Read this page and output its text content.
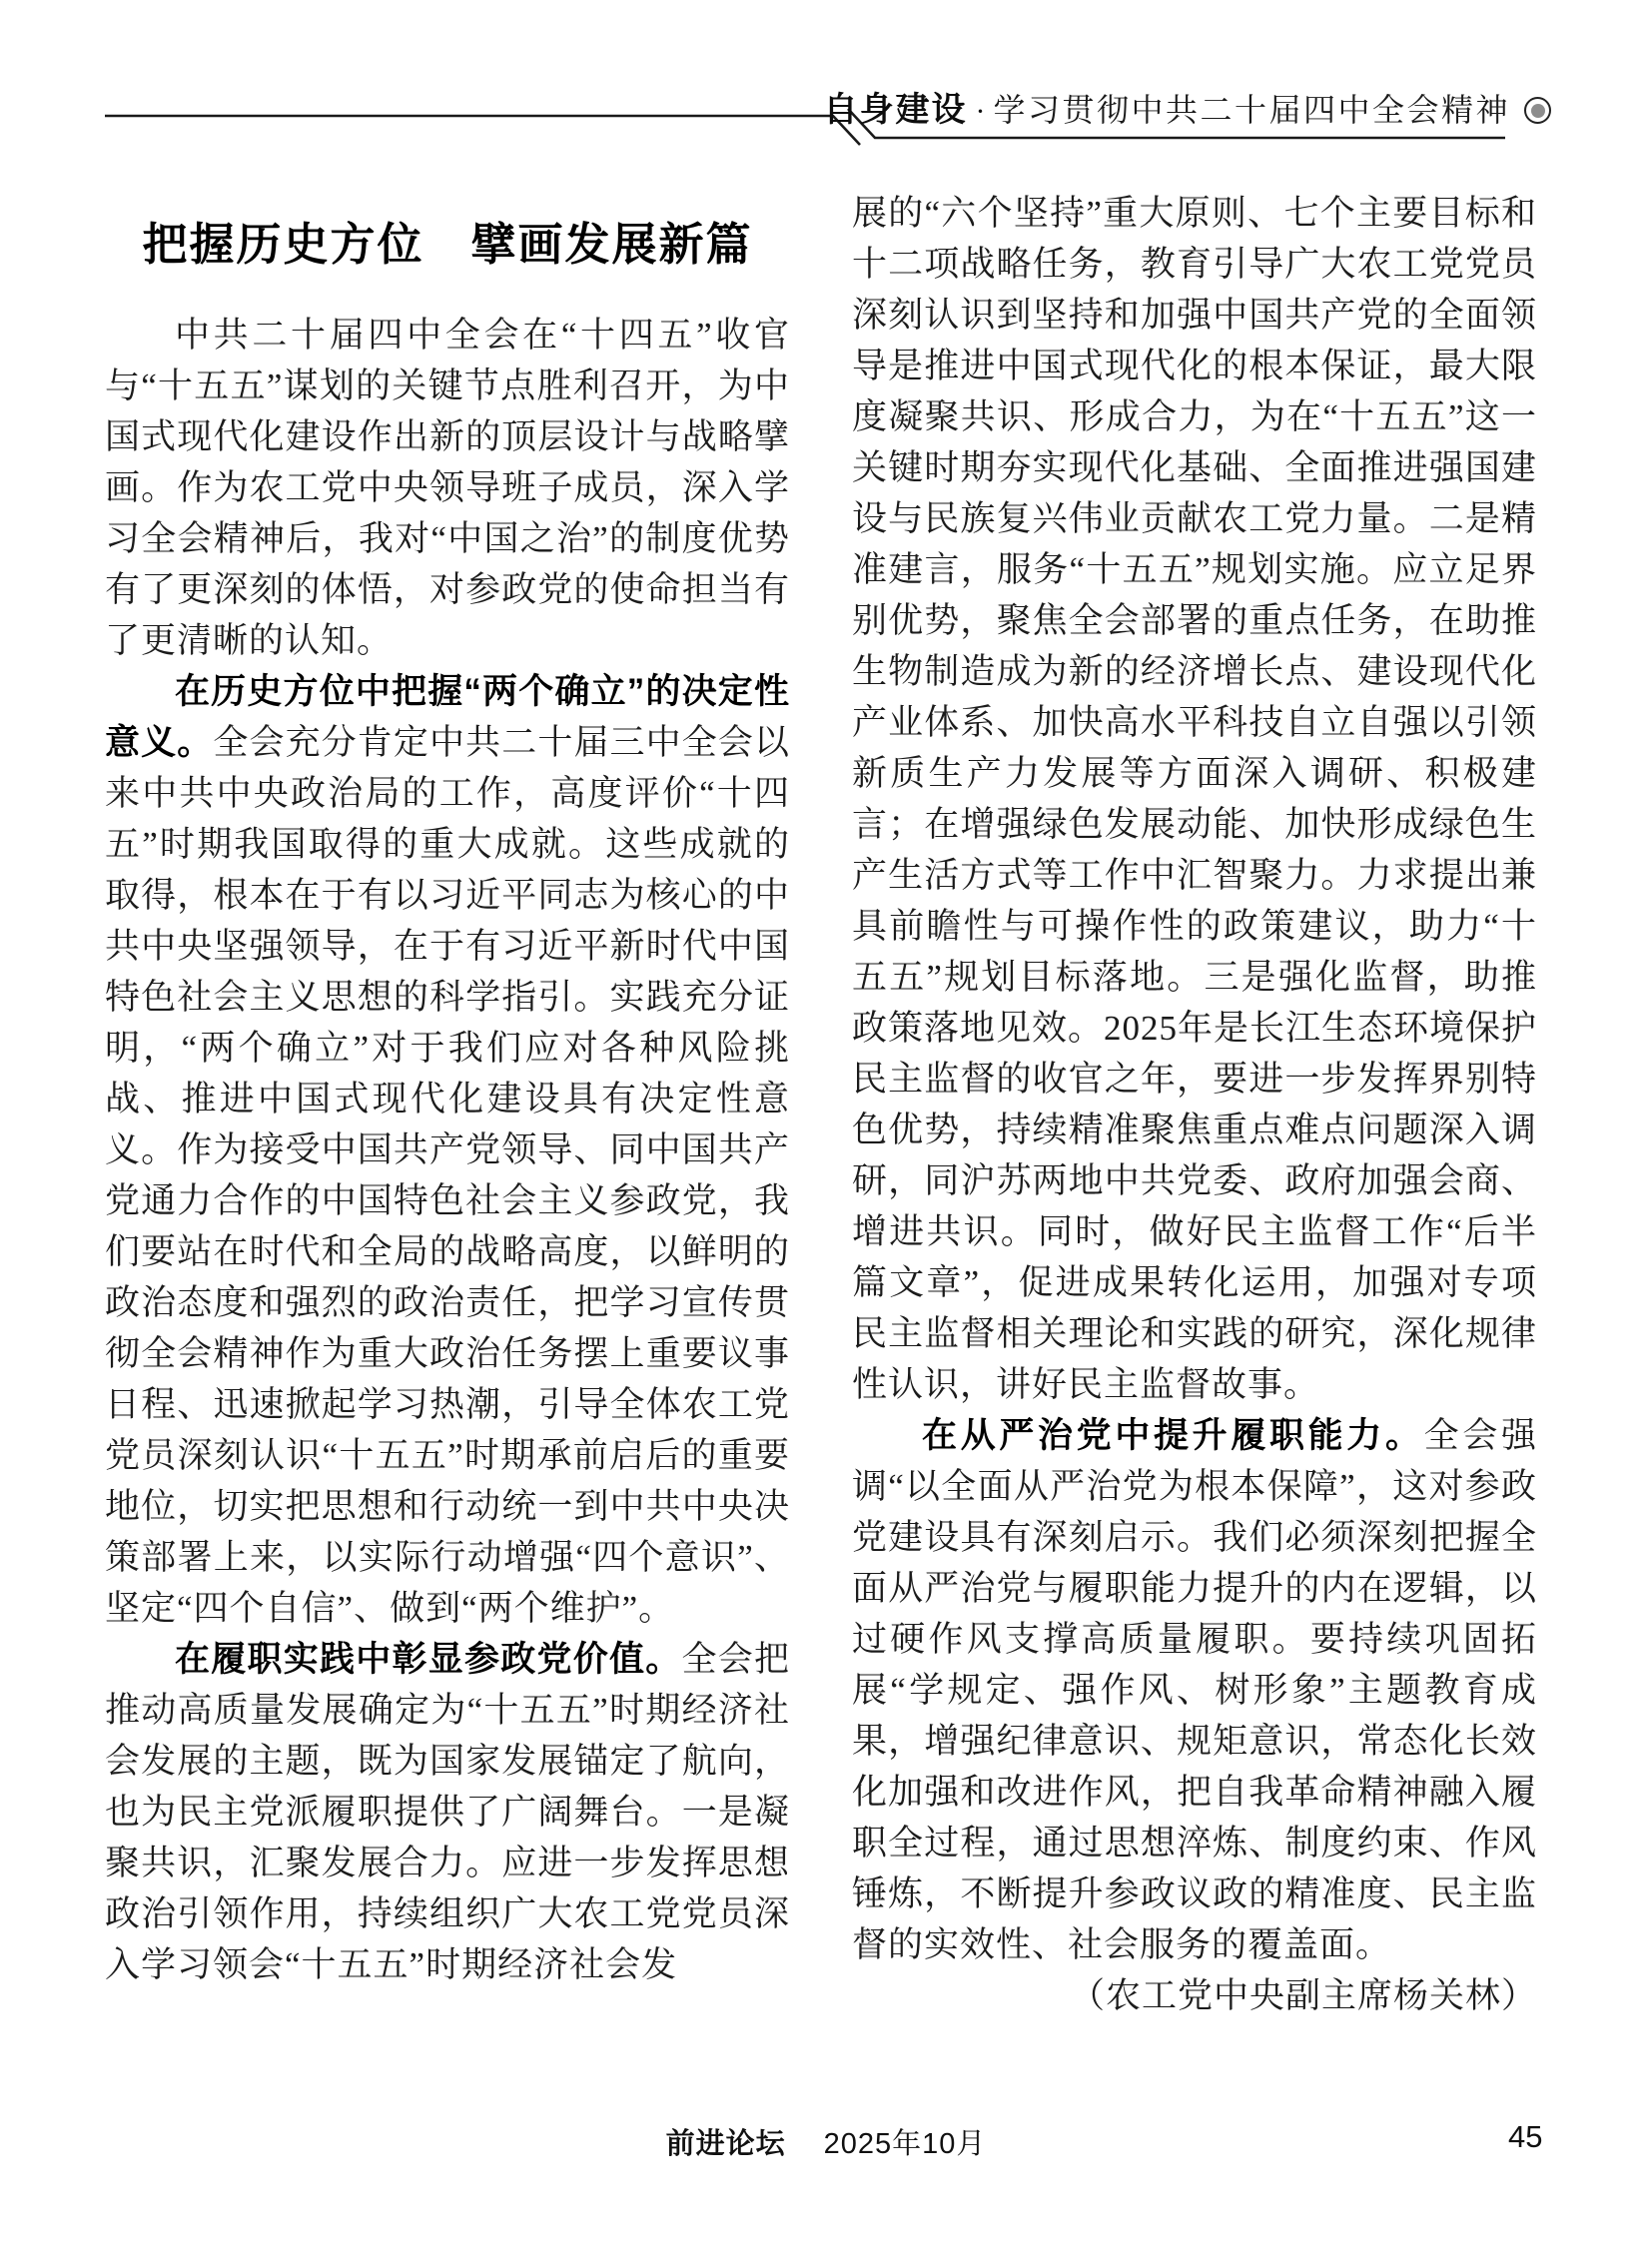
自身建设 · 学习贯彻中共二十届四中全会精神
把握历史方位　擘画发展新篇

中共二十届四中全会在“十四五”收官与“十五五”谋划的关键节点胜利召开，为中国式现代化建设作出新的顶层设计与战略擘画。作为农工党中央领导班子成员，深入学习全会精神后，我对“中国之治”的制度优势有了更深刻的体悟，对参政党的使命担当有了更清晰的认知。

在历史方位中把握“两个确立”的决定性意义。全会充分肯定中共二十届三中全会以来中共中央政治局的工作，高度评价“十四五”时期我国取得的重大成就。这些成就的取得，根本在于有以习近平同志为核心的中共中央坚强领导，在于有习近平新时代中国特色社会主义思想的科学指引。实践充分证明，“两个确立”对于我们应对各种风险挑战、推进中国式现代化建设具有决定性意义。作为接受中国共产党领导、同中国共产党通力合作的中国特色社会主义参政党，我们要站在时代和全局的战略高度，以鲜明的政治态度和强烈的政治责任，把学习宣传贯彻全会精神作为重大政治任务摆上重要议事日程、迅速掀起学习热潮，引导全体农工党党员深刻认识“十五五”时期承前启后的重要地位，切实把思想和行动统一到中共中央决策部署上来，以实际行动增强“四个意识”、坚定“四个自信”、做到“两个维护”。

在履职实践中彰显参政党价值。全会把推动高质量发展确定为“十五五”时期经济社会发展的主题，既为国家发展锚定了航向，也为民主党派履职提供了广阔舞台。一是凝聚共识，汇聚发展合力。应进一步发挥思想政治引领作用，持续组织广大农工党党员深入学习领会“十五五”时期经济社会发

展的“六个坚持”重大原则、七个主要目标和十二项战略任务，教育引导广大农工党党员深刻认识到坚持和加强中国共产党的全面领导是推进中国式现代化的根本保证，最大限度凝聚共识、形成合力，为在“十五五”这一关键时期夯实现代化基础、全面推进强国建设与民族复兴伟业贡献农工党力量。二是精准建言，服务“十五五”规划实施。应立足界别优势，聚焦全会部署的重点任务，在助推生物制造成为新的经济增长点、建设现代化产业体系、加快高水平科技自立自强以引领新质生产力发展等方面深入调研、积极建言；在增强绿色发展动能、加快形成绿色生产生活方式等工作中汇智聚力。力求提出兼具前瞻性与可操作性的政策建议，助力“十五五”规划目标落地。三是强化监督，助推政策落地见效。2025年是长江生态环境保护民主监督的收官之年，要进一步发挥界别特色优势，持续精准聚焦重点难点问题深入调研，同沪苏两地中共党委、政府加强会商、增进共识。同时，做好民主监督工作“后半篇文章”，促进成果转化运用，加强对专项民主监督相关理论和实践的研究，深化规律性认识，讲好民主监督故事。

在从严治党中提升履职能力。全会强调“以全面从严治党为根本保障”，这对参政党建设具有深刻启示。我们必须深刻把握全面从严治党与履职能力提升的内在逻辑，以过硬作风支撑高质量履职。要持续巩固拓展“学规定、强作风、树形象”主题教育成果，增强纪律意识、规矩意识，常态化长效化加强和改进作风，把自我革命精神融入履职全过程，通过思想淬炼、制度约束、作风锤炼，不断提升参政议政的精准度、民主监督的实效性、社会服务的覆盖面。

（农工党中央副主席杨关林）

前进论坛 2025年10月	45
